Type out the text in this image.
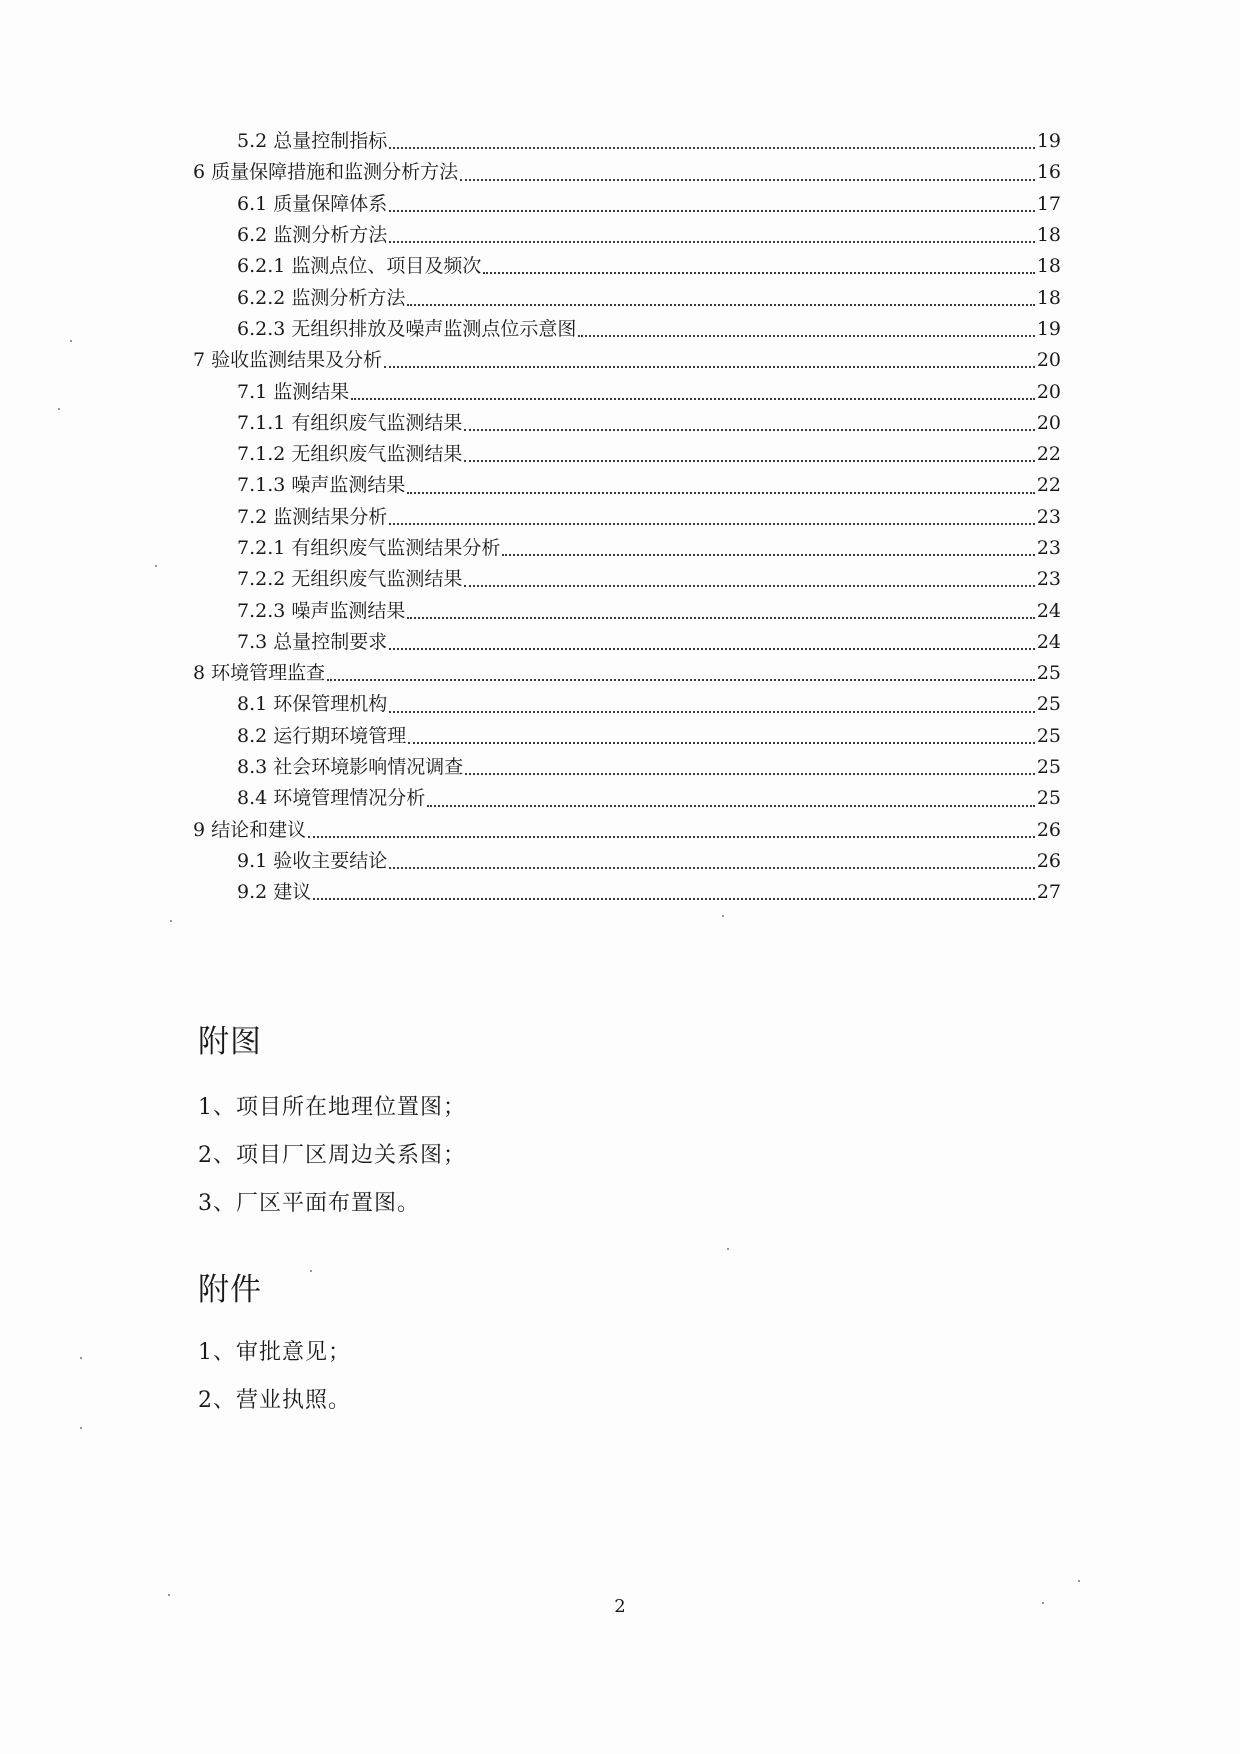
5.2 总量控制指标	19
6 质量保障措施和监测分析方法	16
6.1 质量保障体系	17
6.2 监测分析方法	18
6.2.1 监测点位、项目及频次	18
6.2.2 监测分析方法	18
6.2.3 无组织排放及噪声监测点位示意图	19
7 验收监测结果及分析	20
7.1 监测结果	20
7.1.1 有组织废气监测结果	20
7.1.2 无组织废气监测结果	22
7.1.3 噪声监测结果	22
7.2 监测结果分析	23
7.2.1 有组织废气监测结果分析	23
7.2.2 无组织废气监测结果	23
7.2.3 噪声监测结果	24
7.3 总量控制要求	24
8 环境管理监查	25
8.1 环保管理机构	25
8.2 运行期环境管理	25
8.3 社会环境影响情况调查	25
8.4 环境管理情况分析	25
9 结论和建议	26
9.1 验收主要结论	26
9.2 建议	27
附图
1、项目所在地理位置图；
2、项目厂区周边关系图；
3、厂区平面布置图。
附件
1、审批意见；
2、营业执照。
2
